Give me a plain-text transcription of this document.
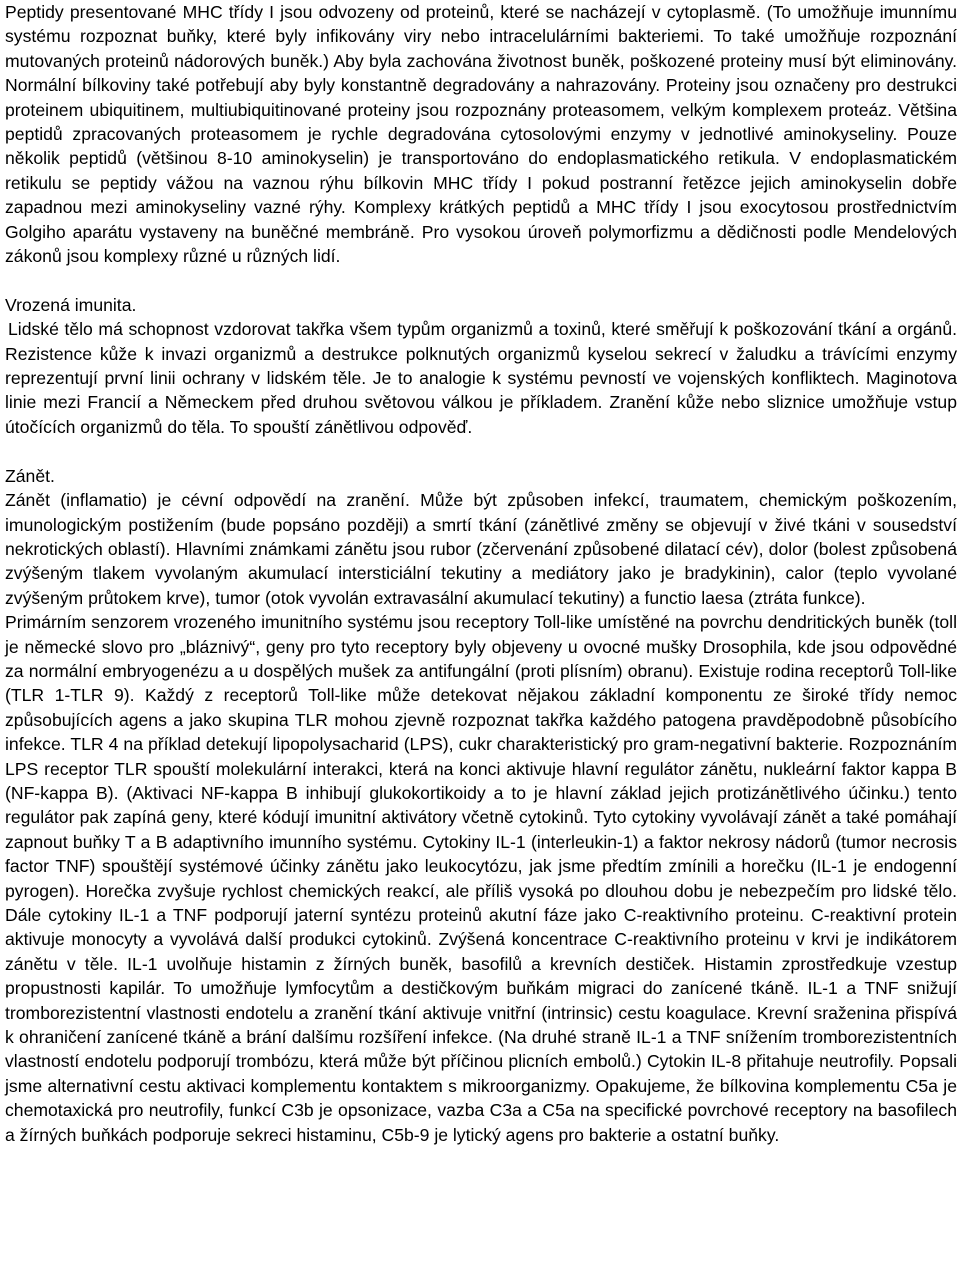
Peptidy presentované MHC třídy I jsou odvozeny od proteinů, které se nacházejí v cytoplasmě. (To umožňuje imunnímu systému rozpoznat buňky, které byly infikovány viry nebo intracelulárními bakteriemi. To také umožňuje rozpoznání mutovaných proteinů nádorových buněk.) Aby byla zachována životnost buněk, poškozené proteiny musí být eliminovány. Normální bílkoviny také potřebují aby byly konstantně degradovány a nahrazovány. Proteiny jsou označeny pro destrukci proteinem ubiquitinem, multiubiquitinované proteiny jsou rozpoznány proteasomem, velkým komplexem proteáz. Většina peptidů zpracovaných proteasomem je rychle degradována cytosolovými enzymy v jednotlivé aminokyseliny. Pouze několik peptidů (většinou 8-10 aminokyselin) je transportováno do endoplasmatického retikula. V endoplasmatickém retikulu se peptidy vážou na vaznou rýhu bílkovin MHC třídy I pokud postranní řetězce jejich aminokyselin dobře zapadnou mezi aminokyseliny vazné rýhy. Komplexy krátkých peptidů a MHC třídy I jsou exocytosou prostřednictvím Golgiho aparátu vystaveny na buněčné membráně. Pro vysokou úroveň polymorfizmu a dědičnosti podle Mendelových zákonů jsou komplexy různé u různých lidí.

Vrozená imunita.

Lidské tělo má schopnost vzdorovat takřka všem typům organizmů a toxinů, které směřují k poškozování tkání a orgánů. Rezistence kůže k invazi organizmů a destrukce polknutých organizmů kyselou sekrecí v žaludku a trávícími enzymy reprezentují první linii ochrany v lidském těle. Je to analogie k systému pevností ve vojenských konfliktech. Maginotova linie mezi Francií a Německem před druhou světovou válkou je příkladem. Zranění kůže nebo sliznice umožňuje vstup útočících organizmů do těla. To spouští zánětlivou odpověď.

Zánět.

Zánět (inflamatio) je cévní odpovědí na zranění. Může být způsoben infekcí, traumatem, chemickým poškozením, imunologickým postižením (bude popsáno později) a smrtí tkání (zánětlivé změny se objevují v živé tkáni v sousedství nekrotických oblastí). Hlavními známkami zánětu jsou rubor (zčervenání způsobené dilatací cév), dolor (bolest způsobená zvýšeným tlakem vyvolaným akumulací intersticiální tekutiny a mediátory jako je bradykinin), calor (teplo vyvolané zvýšeným průtokem krve), tumor (otok vyvolán extravasální akumulací tekutiny) a functio laesa (ztráta funkce).

Primárním senzorem vrozeného imunitního systému jsou receptory Toll-like umístěné na povrchu dendritických buněk (toll je německé slovo pro „bláznivý“, geny pro tyto receptory byly objeveny u ovocné mušky Drosophila, kde jsou odpovědné za normální embryogenézu a u dospělých mušek za antifungální (proti plísním) obranu). Existuje rodina receptorů Toll-like (TLR 1-TLR 9). Každý z receptorů Toll-like může detekovat nějakou základní komponentu ze široké třídy nemoc způsobujících agens a jako skupina TLR mohou zjevně rozpoznat takřka každého patogena pravděpodobně působícího infekce. TLR 4 na příklad detekují lipopolysacharid (LPS), cukr charakteristický pro gram-negativní bakterie. Rozpoznáním LPS receptor TLR spouští molekulární interakci, která na konci aktivuje hlavní regulátor zánětu, nukleární faktor kappa B (NF-kappa B). (Aktivaci NF-kappa B inhibují glukokortikoidy a to je hlavní základ jejich protizánětlivého účinku.) tento regulátor pak zapíná geny, které kódují imunitní aktivátory včetně cytokinů. Tyto cytokiny vyvolávají zánět a také pomáhají zapnout buňky T a B adaptivního imunního systému. Cytokiny IL-1 (interleukin-1) a faktor nekrosy nádorů (tumor necrosis factor TNF) spouštějí systémové účinky zánětu jako leukocytózu, jak jsme předtím zmínili a horečku (IL-1 je endogenní pyrogen). Horečka zvyšuje rychlost chemických reakcí, ale příliš vysoká po dlouhou dobu je nebezpečím pro lidské tělo. Dále cytokiny IL-1 a TNF podporují jaterní syntézu proteinů akutní fáze jako C-reaktivního proteinu. C-reaktivní protein aktivuje monocyty a vyvolává další produkci cytokinů. Zvýšená koncentrace C-reaktivního proteinu v krvi je indikátorem zánětu v těle. IL-1 uvolňuje histamin z žírných buněk, basofilů a krevních destiček. Histamin zprostředkuje vzestup propustnosti kapilár. To umožňuje lymfocytům a destičkovým buňkám migraci do zanícené tkáně. IL-1 a TNF snižují tromborezistentní vlastnosti endotelu a zranění tkání aktivuje vnitřní (intrinsic) cestu koagulace. Krevní sraženina přispívá k ohraničení zanícené tkáně a brání dalšímu rozšíření infekce. (Na druhé straně IL-1 a TNF snížením tromborezistentních vlastností endotelu podporují trombózu, která může být příčinou plicních embolů.) Cytokin IL-8 přitahuje neutrofily. Popsali jsme alternativní cestu aktivaci komplementu kontaktem s mikroorganizmy. Opakujeme, že bílkovina komplementu C5a je chemotaxická pro neutrofily, funkcí C3b je opsonizace, vazba C3a a C5a na specifické povrchové receptory na basofilech a žírných buňkách podporuje sekreci histaminu, C5b-9 je lytický agens pro bakterie a ostatní buňky.
